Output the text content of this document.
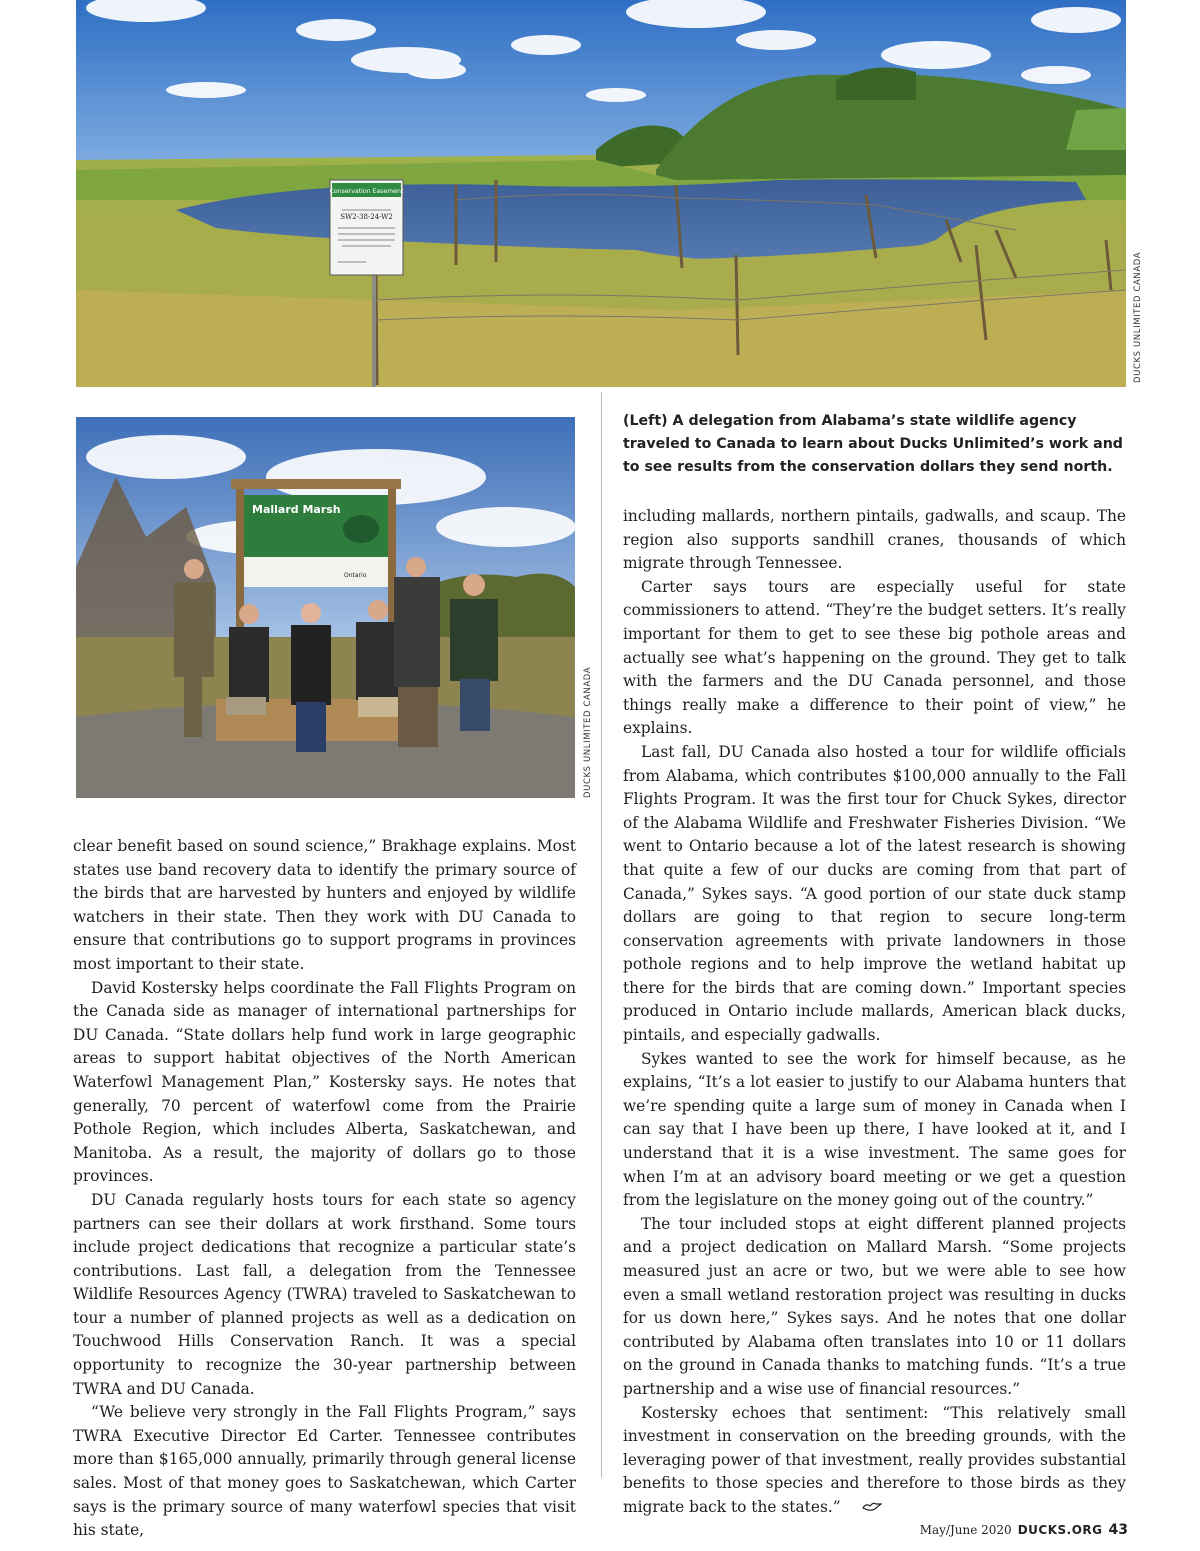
Conservation Easement
SW2-38-24-W2
DUCKS UNLIMITED CANADA
Mallard Marsh
Ontario
DUCKS UNLIMITED CANADA
(Left) A delegation from Alabama’s state wildlife agency traveled to Canada to learn about Ducks Unlimited’s work and to see results from the conservation dollars they send north.

clear benefit based on sound science,” Brakhage explains. Most states use band recovery data to identify the primary source of the birds that are harvested by hunters and enjoyed by wildlife watchers in their state. Then they work with DU Canada to ensure that contributions go to support programs in provinces most important to their state.

David Kostersky helps coordinate the Fall Flights Program on the Canada side as manager of international partnerships for DU Canada. “State dollars help fund work in large geographic areas to support habitat objectives of the North American Waterfowl Management Plan,” Kostersky says. He notes that generally, 70 percent of waterfowl come from the Prairie Pothole Region, which includes Alberta, Saskatchewan, and Manitoba. As a result, the majority of dollars go to those provinces.

DU Canada regularly hosts tours for each state so agency partners can see their dollars at work firsthand. Some tours include project dedications that recognize a particular state’s contributions. Last fall, a delegation from the Tennessee Wildlife Resources Agency (TWRA) traveled to Saskatchewan to tour a number of planned projects as well as a dedication on Touchwood Hills Conservation Ranch. It was a special opportunity to recognize the 30-year partnership between TWRA and DU Canada.

“We believe very strongly in the Fall Flights Program,” says TWRA Executive Director Ed Carter. Tennessee contributes more than $165,000 annually, primarily through general license sales. Most of that money goes to Saskatchewan, which Carter says is the primary source of many waterfowl species that visit his state,

including mallards, northern pintails, gadwalls, and scaup. The region also supports sandhill cranes, thousands of which migrate through Tennessee.

Carter says tours are especially useful for state commissioners to attend. “They’re the budget setters. It’s really important for them to get to see these big pothole areas and actually see what’s happening on the ground. They get to talk with the farmers and the DU Canada personnel, and those things really make a difference to their point of view,” he explains.

Last fall, DU Canada also hosted a tour for wildlife officials from Alabama, which contributes $100,000 annually to the Fall Flights Program. It was the first tour for Chuck Sykes, director of the Alabama Wildlife and Freshwater Fisheries Division. “We went to Ontario because a lot of the latest research is showing that quite a few of our ducks are coming from that part of Canada,” Sykes says. “A good portion of our state duck stamp dollars are going to that region to secure long-term conservation agreements with private landowners in those pothole regions and to help improve the wetland habitat up there for the birds that are coming down.” Important species produced in Ontario include mallards, American black ducks, pintails, and especially gadwalls.

Sykes wanted to see the work for himself because, as he explains, “It’s a lot easier to justify to our Alabama hunters that we’re spending quite a large sum of money in Canada when I can say that I have been up there, I have looked at it, and I understand that it is a wise investment. The same goes for when I’m at an advisory board meeting or we get a question from the legislature on the money going out of the country.”

The tour included stops at eight different planned projects and a project dedication on Mallard Marsh. “Some projects measured just an acre or two, but we were able to see how even a small wetland restoration project was resulting in ducks for us down here,” Sykes says. And he notes that one dollar contributed by Alabama often translates into 10 or 11 dollars on the ground in Canada thanks to matching funds. “It’s a true partnership and a wise use of financial resources.”

Kostersky echoes that sentiment: “This relatively small investment in conservation on the breeding grounds, with the leveraging power of that investment, really provides substantial benefits to those species and therefore to those birds as they migrate back to the states.”

May/June 2020 DUCKS.ORG 43
